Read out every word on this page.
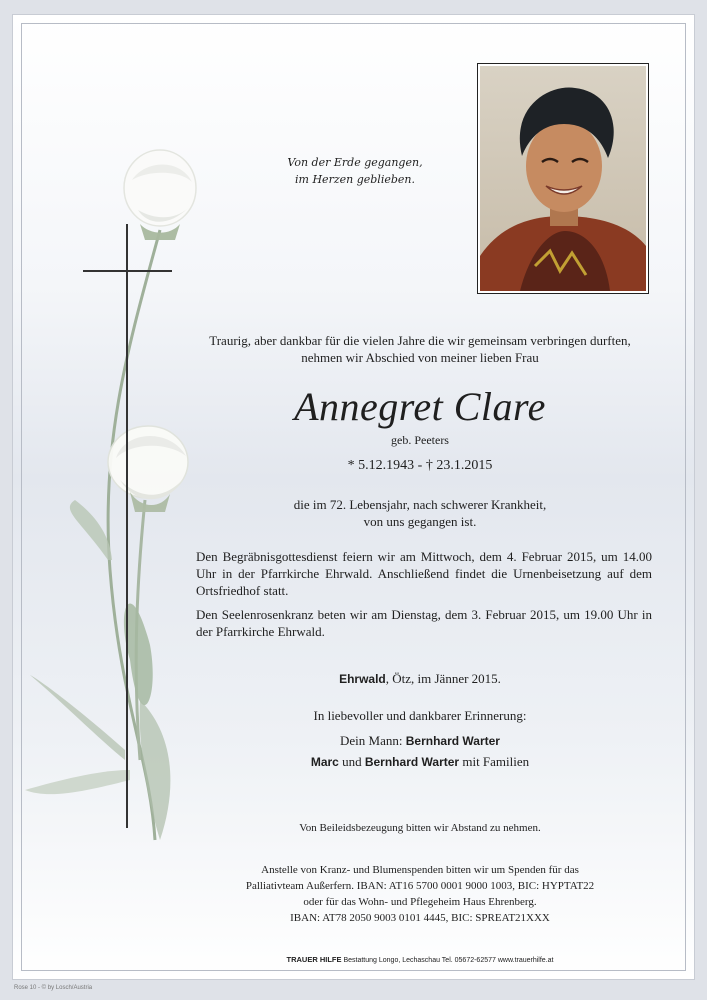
Von der Erde gegangen,
im Herzen geblieben.
Traurig, aber dankbar für die vielen Jahre die wir gemeinsam verbringen durften, nehmen wir Abschied von meiner lieben Frau
Annegret Clare
geb. Peeters
* 5.12.1943 - † 23.1.2015
die im 72. Lebensjahr, nach schwerer Krankheit,
von uns gegangen ist.
Den Begräbnisgottesdienst feiern wir am Mittwoch, dem 4. Februar 2015, um 14.00 Uhr in der Pfarrkirche Ehrwald. Anschließend findet die Urnenbeisetzung auf dem Ortsfriedhof statt.
Den Seelenrosenkranz beten wir am Dienstag, dem 3. Februar 2015, um 19.00 Uhr in der Pfarrkirche Ehrwald.
Ehrwald, Ötz, im Jänner 2015.
In liebevoller und dankbarer Erinnerung:
Dein Mann: Bernhard Warter
Marc und Bernhard Warter mit Familien
Von Beileidsbezeugung bitten wir Abstand zu nehmen.
Anstelle von Kranz- und Blumenspenden bitten wir um Spenden für das
Palliativteam Außerfern. IBAN: AT16 5700 0001 9000 1003, BIC: HYPTAT22
oder für das Wohn- und Pflegeheim Haus Ehrenberg.
IBAN: AT78 2050 9003 0101 4445, BIC: SPREAT21XXX
TRAUER HILFE Bestattung Longo, Lechaschau Tel. 05672-62577 www.trauerhilfe.at
Rose 10 - © by Losch/Austria
